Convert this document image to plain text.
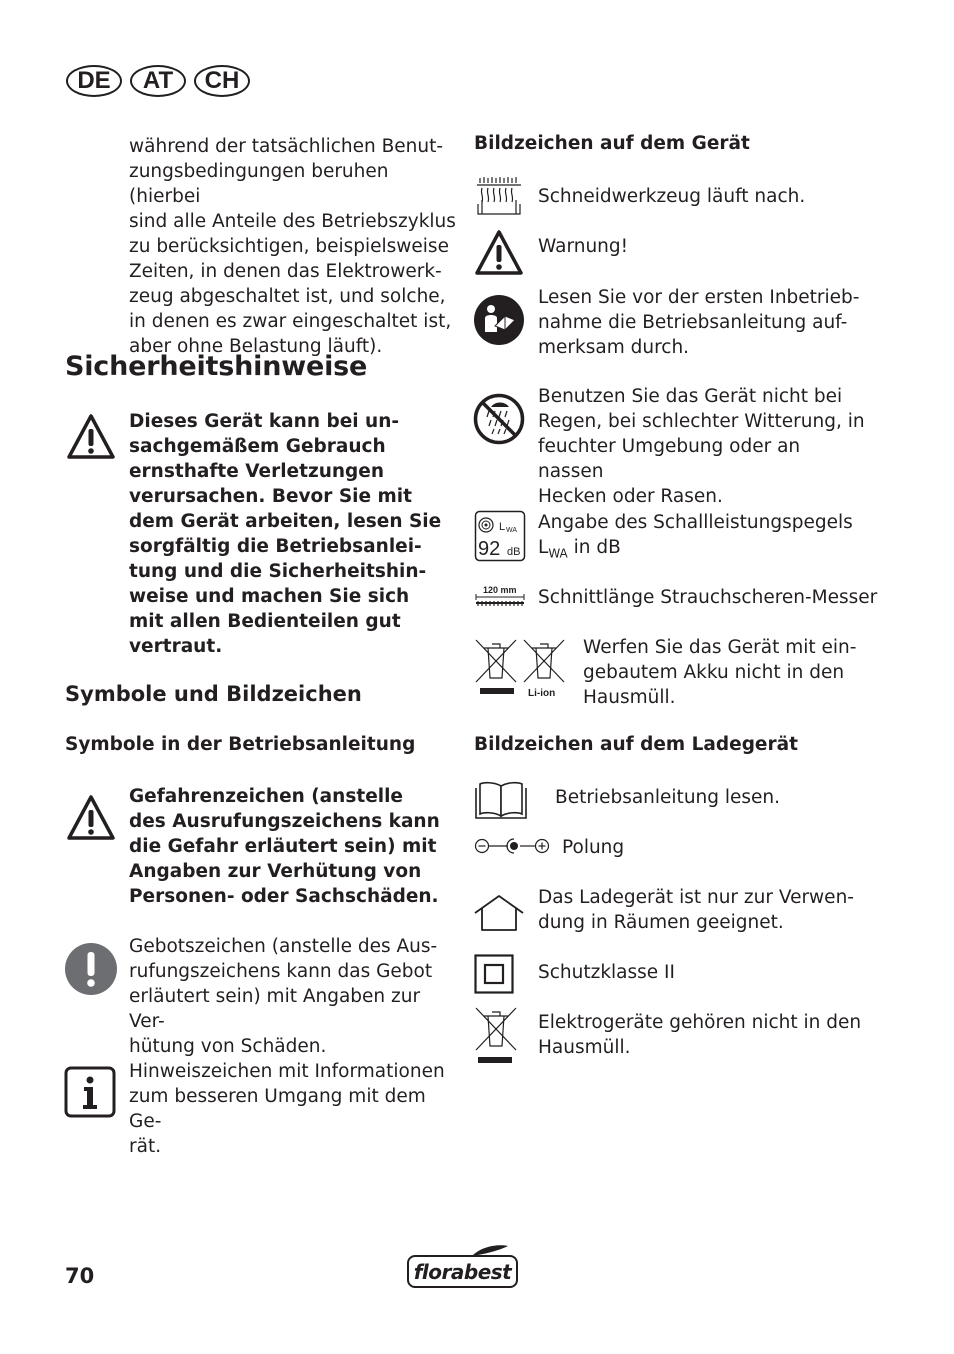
DE	AT	CH
während der tatsächlichen Benut-
zungsbedingungen beruhen (hierbei
sind alle Anteile des Betriebszyklus
zu berücksichtigen, beispielsweise
Zeiten, in denen das Elektrowerk-
zeug abgeschaltet ist, und solche,
in denen es zwar eingeschaltet ist,
aber ohne Belastung läuft).
Sicherheitshinweise
Dieses Gerät kann bei un-
sachgemäßem Gebrauch
ernsthafte Verletzungen
verursachen. Bevor Sie mit
dem Gerät arbeiten, lesen Sie
sorgfältig die Betriebsanlei-
tung und die Sicherheitshin-
weise und machen Sie sich
mit allen Bedienteilen gut
vertraut.
Symbole und Bildzeichen
Symbole in der Betriebsanleitung
Gefahrenzeichen (anstelle
des Ausrufungszeichens kann
die Gefahr erläutert sein) mit
Angaben zur Verhütung von
Personen- oder Sachschäden.
Gebotszeichen (anstelle des Aus-
rufungszeichens kann das Gebot
erläutert sein) mit Angaben zur Ver-
hütung von Schäden.
Hinweiszeichen mit Informationen
zum besseren Umgang mit dem Ge-
rät.
Bildzeichen auf dem Gerät
Schneidwerkzeug läuft nach.
Warnung!
Lesen Sie vor der ersten Inbetrieb-
nahme die Betriebsanleitung auf-
merksam durch.
Benutzen Sie das Gerät nicht bei
Regen, bei schlechter Witterung, in
feuchter Umgebung oder an nassen
Hecken oder Rasen.
L WA
92 dB
Angabe des Schallleistungspegels
$L_{WA}$ in dB
120 mm Schnittlänge Strauchscheren-Messer
Li-ion
Werfen Sie das Gerät mit ein-
gebautem Akku nicht in den
Hausmüll.
Bildzeichen auf dem Ladegerät
Betriebsanleitung lesen.
Polung
Das Ladegerät ist nur zur Verwen-
dung in Räumen geeignet.
Schutzklasse II
Elektrogeräte gehören nicht in den
Hausmüll.
70	florabest
